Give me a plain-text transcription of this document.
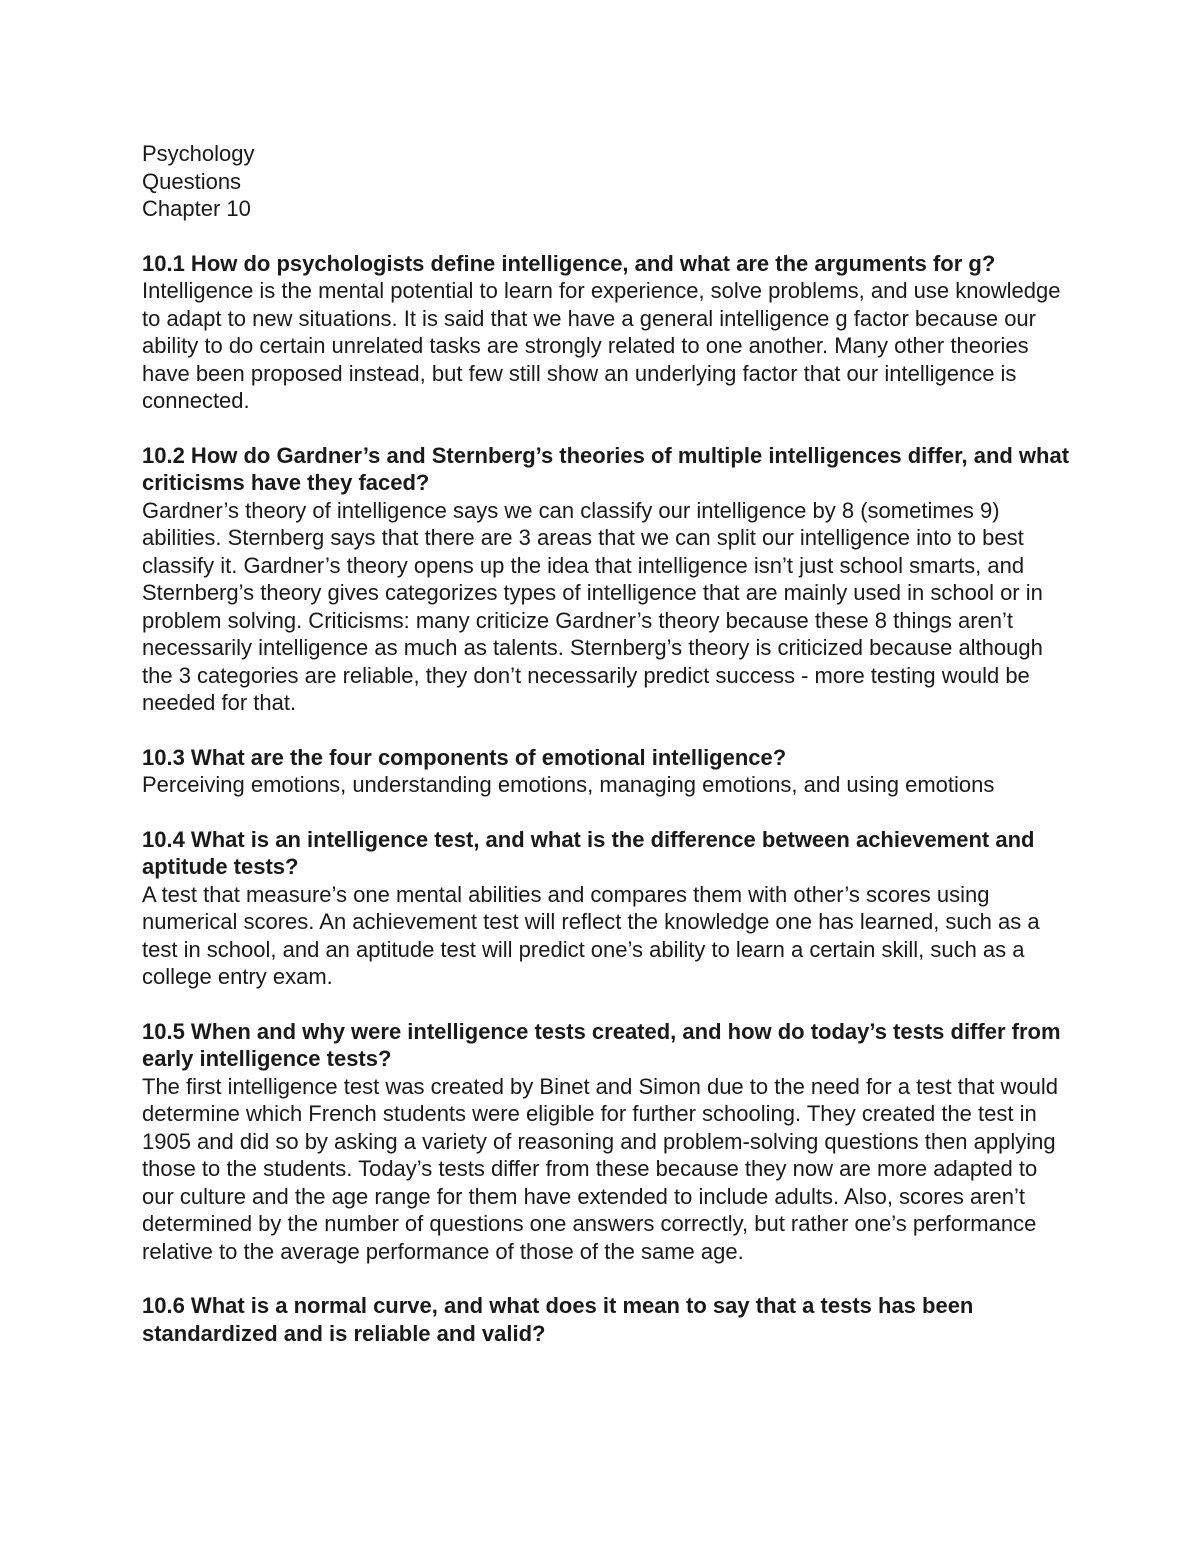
Psychology

Questions

Chapter 10

10.1 How do psychologists define intelligence, and what are the arguments for g?

Intelligence is the mental potential to learn for experience, solve problems, and use knowledge to adapt to new situations. It is said that we have a general intelligence g factor because our ability to do certain unrelated tasks are strongly related to one another. Many other theories have been proposed instead, but few still show an underlying factor that our intelligence is connected.

10.2 How do Gardner’s and Sternberg’s theories of multiple intelligences differ, and what criticisms have they faced?

Gardner’s theory of intelligence says we can classify our intelligence by 8 (sometimes 9) abilities. Sternberg says that there are 3 areas that we can split our intelligence into to best classify it. Gardner’s theory opens up the idea that intelligence isn’t just school smarts, and Sternberg’s theory gives categorizes types of intelligence that are mainly used in school or in problem solving. Criticisms: many criticize Gardner’s theory because these 8 things aren’t necessarily intelligence as much as talents. Sternberg’s theory is criticized because although the 3 categories are reliable, they don’t necessarily predict success - more testing would be needed for that.

10.3 What are the four components of emotional intelligence?

Perceiving emotions, understanding emotions, managing emotions, and using emotions

10.4 What is an intelligence test, and what is the difference between achievement and aptitude tests?

A test that measure’s one mental abilities and compares them with other’s scores using numerical scores. An achievement test will reflect the knowledge one has learned, such as a test in school, and an aptitude test will predict one’s ability to learn a certain skill, such as a college entry exam.

10.5 When and why were intelligence tests created, and how do today’s tests differ from early intelligence tests?

The first intelligence test was created by Binet and Simon due to the need for a test that would determine which French students were eligible for further schooling. They created the test in 1905 and did so by asking a variety of reasoning and problem-solving questions then applying those to the students. Today’s tests differ from these because they now are more adapted to our culture and the age range for them have extended to include adults. Also, scores aren’t determined by the number of questions one answers correctly, but rather one’s performance relative to the average performance of those of the same age.

10.6 What is a normal curve, and what does it mean to say that a tests has been standardized and is reliable and valid?
